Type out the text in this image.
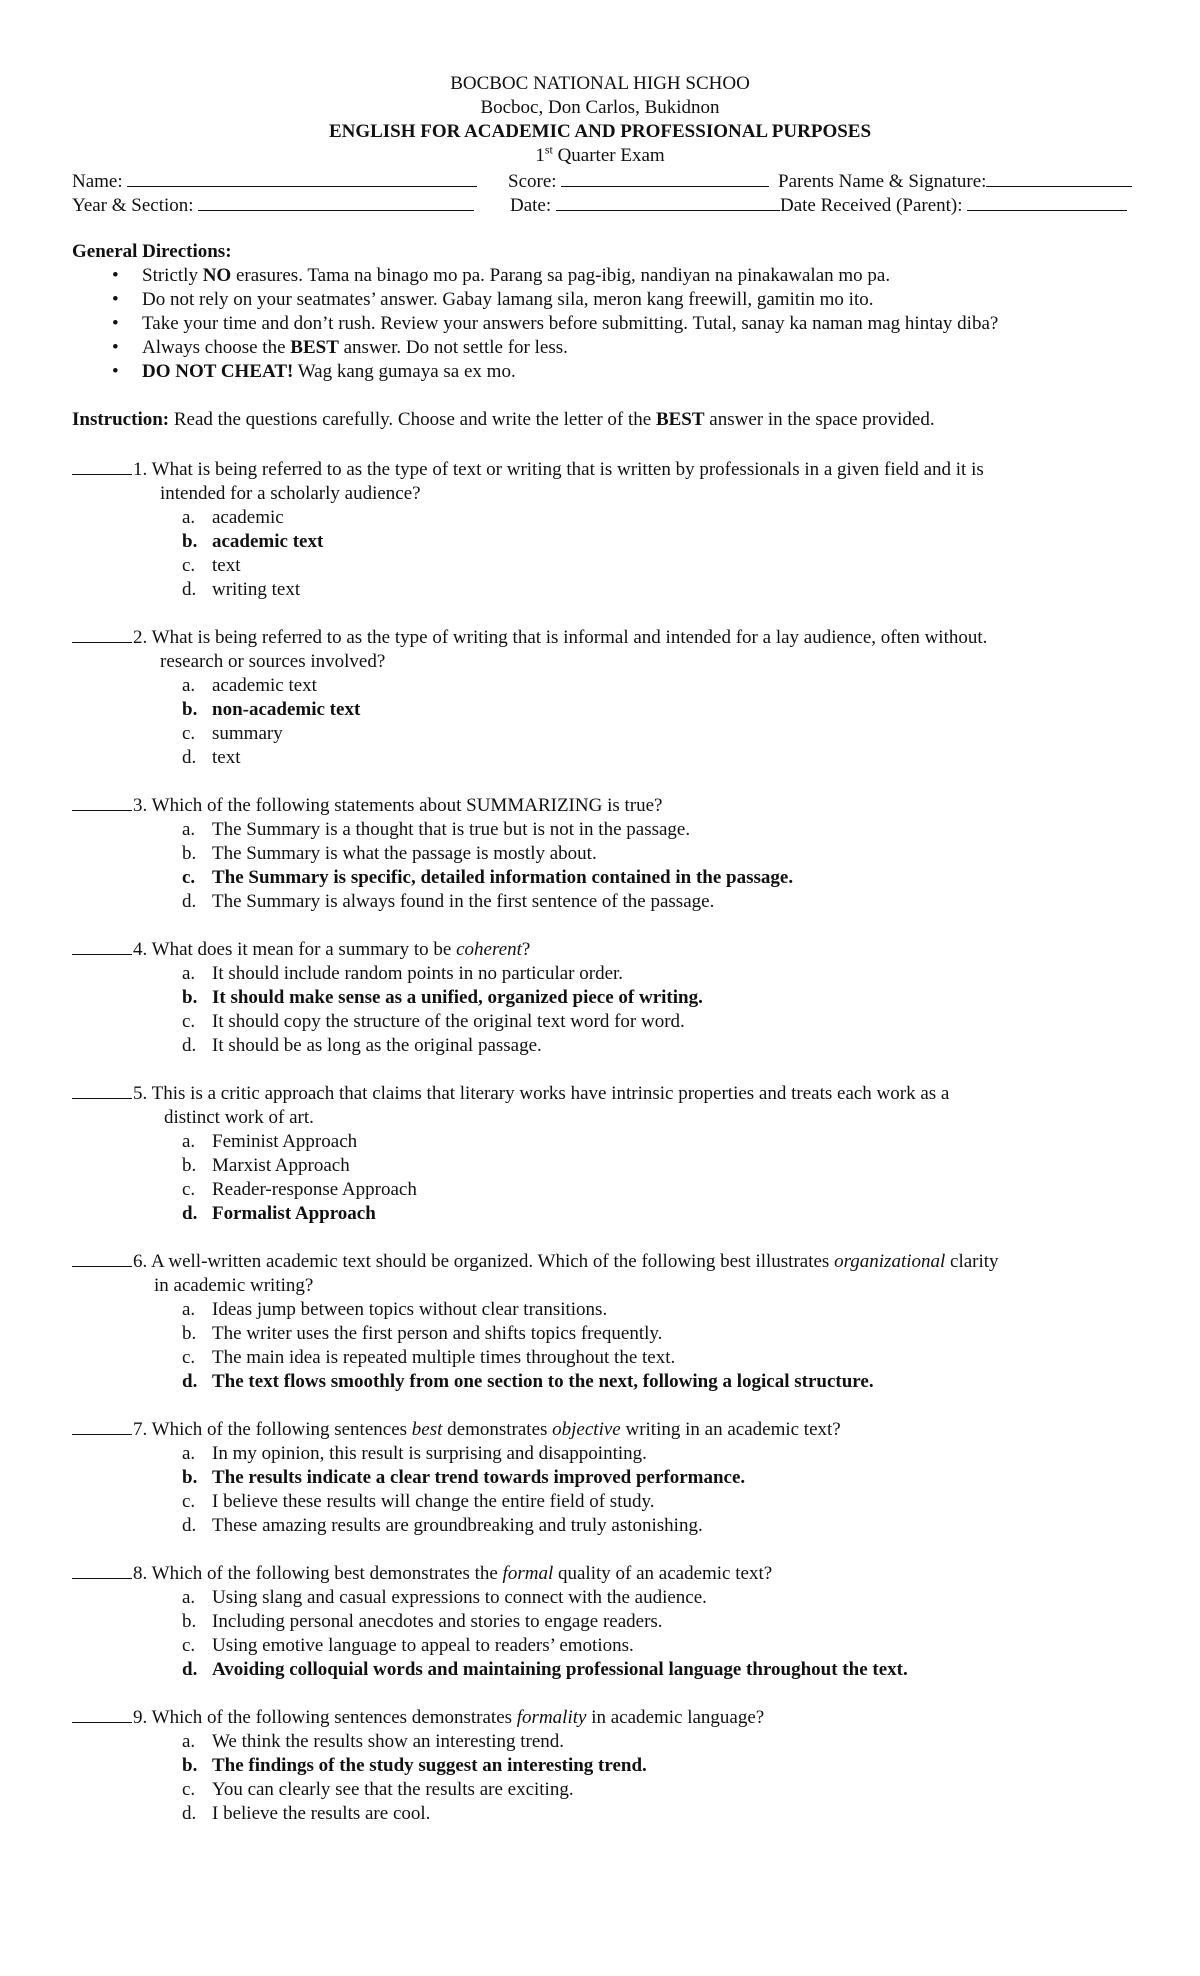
BOCBOC NATIONAL HIGH SCHOO
Bocboc, Don Carlos, Bukidnon
ENGLISH FOR ACADEMIC AND PROFESSIONAL PURPOSES
1st Quarter Exam
Name:	Score:	Parents Name & Signature:
Year & Section:	Date:	Date Received (Parent):
General Directions:
• Strictly NO erasures. Tama na binago mo pa. Parang sa pag-ibig, nandiyan na pinakawalan mo pa.
• Do not rely on your seatmates’ answer. Gabay lamang sila, meron kang freewill, gamitin mo ito.
• Take your time and don’t rush. Review your answers before submitting. Tutal, sanay ka naman mag hintay diba?
• Always choose the BEST answer. Do not settle for less.
• DO NOT CHEAT! Wag kang gumaya sa ex mo.
Instruction: Read the questions carefully. Choose and write the letter of the BEST answer in the space provided.
1. What is being referred to as the type of text or writing that is written by professionals in a given field and it is
intended for a scholarly audience?
a. academic
b. academic text
c. text
d. writing text
2. What is being referred to as the type of writing that is informal and intended for a lay audience, often without.
research or sources involved?
a. academic text
b. non-academic text
c. summary
d. text
3. Which of the following statements about SUMMARIZING is true?
a. The Summary is a thought that is true but is not in the passage.
b. The Summary is what the passage is mostly about.
c. The Summary is specific, detailed information contained in the passage.
d. The Summary is always found in the first sentence of the passage.
4. What does it mean for a summary to be coherent?
a. It should include random points in no particular order.
b. It should make sense as a unified, organized piece of writing.
c. It should copy the structure of the original text word for word.
d. It should be as long as the original passage.
5. This is a critic approach that claims that literary works have intrinsic properties and treats each work as a
distinct work of art.
a. Feminist Approach
b. Marxist Approach
c. Reader-response Approach
d. Formalist Approach
6. A well-written academic text should be organized. Which of the following best illustrates organizational clarity
in academic writing?
a. Ideas jump between topics without clear transitions.
b. The writer uses the first person and shifts topics frequently.
c. The main idea is repeated multiple times throughout the text.
d. The text flows smoothly from one section to the next, following a logical structure.
7. Which of the following sentences best demonstrates objective writing in an academic text?
a. In my opinion, this result is surprising and disappointing.
b. The results indicate a clear trend towards improved performance.
c. I believe these results will change the entire field of study.
d. These amazing results are groundbreaking and truly astonishing.
8. Which of the following best demonstrates the formal quality of an academic text?
a. Using slang and casual expressions to connect with the audience.
b. Including personal anecdotes and stories to engage readers.
c. Using emotive language to appeal to readers’ emotions.
d. Avoiding colloquial words and maintaining professional language throughout the text.
9. Which of the following sentences demonstrates formality in academic language?
a. We think the results show an interesting trend.
b. The findings of the study suggest an interesting trend.
c. You can clearly see that the results are exciting.
d. I believe the results are cool.
